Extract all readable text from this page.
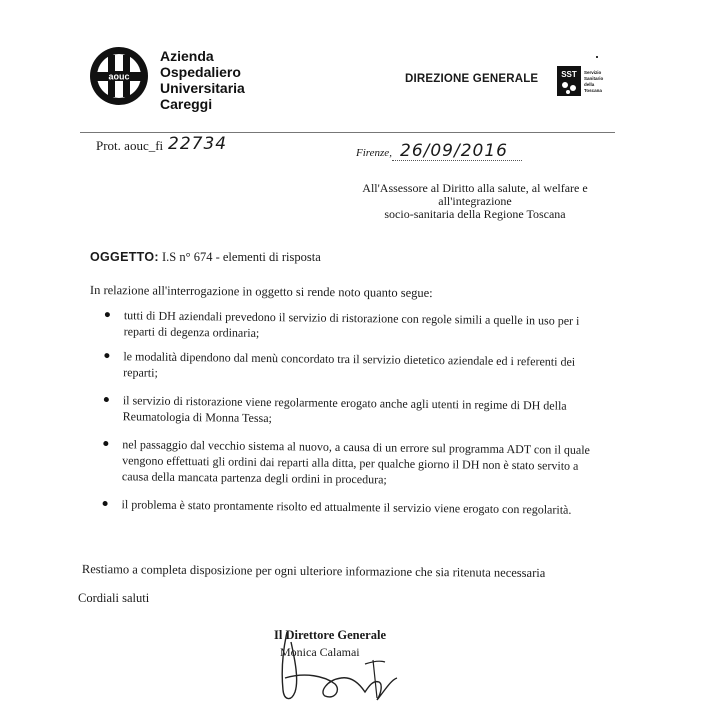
aouc
Azienda
Ospedaliero
Universitaria
Careggi
DIREZIONE GENERALE	SST Servizio
Sanitario
della
Toscana
Prot. aouc_fi 22734	Firenze, 26/09/2016
All'Assessore al Diritto alla salute, al welfare e all'integrazione
socio-sanitaria della Regione Toscana
OGGETTO: I.S n° 674 - elementi di risposta
In relazione all'interrogazione in oggetto si rende noto quanto segue:
tutti di DH aziendali prevedono il servizio di ristorazione con regole simili a quelle in uso per i reparti di degenza ordinaria;
le modalità dipendono dal menù concordato tra il servizio dietetico aziendale ed i referenti dei reparti;
il servizio di ristorazione viene regolarmente erogato anche agli utenti in regime di DH della Reumatologia di Monna Tessa;
nel passaggio dal vecchio sistema al nuovo, a causa di un errore sul programma ADT con il quale vengono effettuati gli ordini dai reparti alla ditta, per qualche giorno il DH non è stato servito a causa della mancata partenza degli ordini in procedura;
il problema è stato prontamente risolto ed attualmente il servizio viene erogato con regolarità.
Restiamo a completa disposizione per ogni ulteriore informazione che sia ritenuta necessaria
Cordiali saluti
Il Direttore Generale
Monica Calamai
